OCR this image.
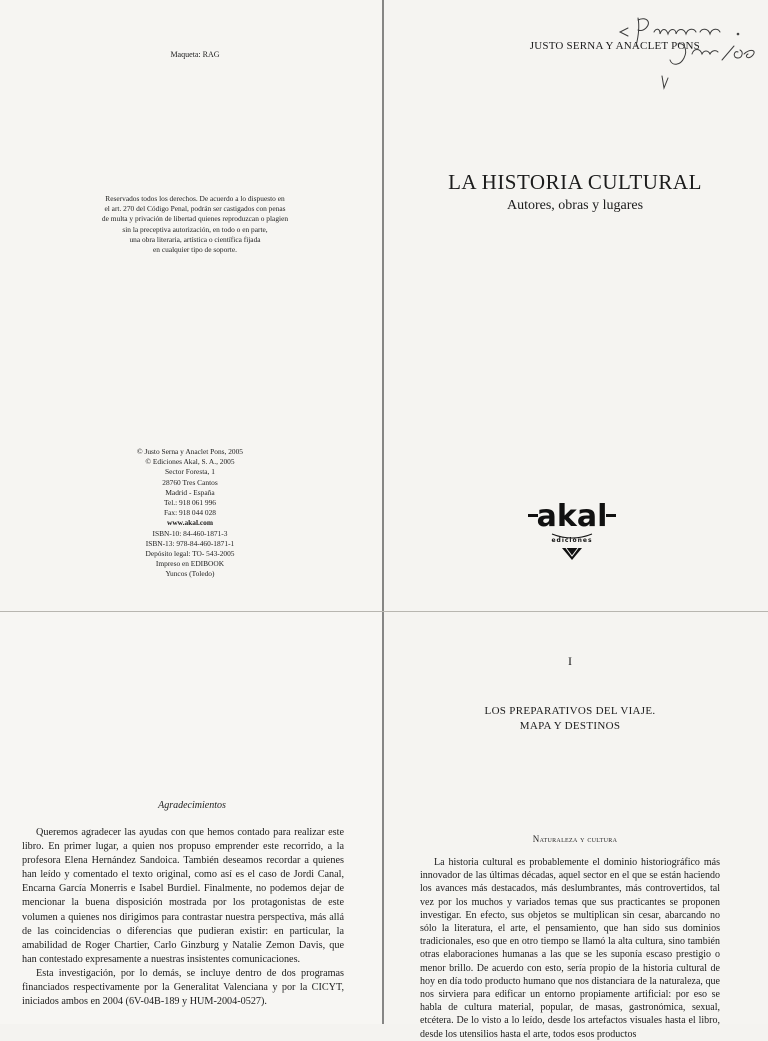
Maqueta: RAG
Reservados todos los derechos. De acuerdo a lo dispuesto en
el art. 270 del Código Penal, podrán ser castigados con penas
de multa y privación de libertad quienes reproduzcan o plagien
sin la preceptiva autorización, en todo o en parte,
una obra literaria, artística o científica fijada
en cualquier tipo de soporte.
© Justo Serna y Anaclet Pons, 2005
© Ediciones Akal, S. A., 2005
Sector Foresta, 1
28760 Tres Cantos
Madrid - España
Tel.: 918 061 996
Fax: 918 044 028
www.akal.com
ISBN-10: 84-460-1871-3
ISBN-13: 978-84-460-1871-1
Depósito legal: TO- 543-2005
Impreso en EDIBOOK
Yuncos (Toledo)
JUSTO SERNA Y ANACLET PONS
LA HISTORIA CULTURAL
Autores, obras y lugares
akal
ediciones
Agradecimientos

Queremos agradecer las ayudas con que hemos contado para realizar este libro. En primer lugar, a quien nos propuso emprender este recorrido, a la profesora Elena Hernández Sandoica. También deseamos recordar a quienes han leído y comentado el texto original, como así es el caso de Jordi Canal, Encarna García Monerris e Isabel Burdiel. Finalmente, no podemos dejar de mencionar la buena disposición mostrada por los protagonistas de este volumen a quienes nos dirigimos para contrastar nuestra perspectiva, más allá de las coincidencias o diferencias que pudieran existir: en particular, la amabilidad de Roger Chartier, Carlo Ginzburg y Natalie Zemon Davis, que han contestado expresamente a nuestras insistentes comunicaciones.

Esta investigación, por lo demás, se incluye dentro de dos programas financiados respectivamente por la Generalitat Valenciana y por la CICYT, iniciados ambos en 2004 (6V-04B-189 y HUM-2004-0527).

I
LOS PREPARATIVOS DEL VIAJE.
MAPA Y DESTINOS
Naturaleza y cultura

La historia cultural es probablemente el dominio historiográfico más innovador de las últimas décadas, aquel sector en el que se están haciendo los avances más destacados, más deslumbrantes, más controvertidos, tal vez por los muchos y variados temas que sus practicantes se proponen investigar. En efecto, sus objetos se multiplican sin cesar, abarcando no sólo la literatura, el arte, el pensamiento, que han sido sus dominios tradicionales, eso que en otro tiempo se llamó la alta cultura, sino también otras elaboraciones humanas a las que se les suponía escaso prestigio o menor brillo. De acuerdo con esto, sería propio de la historia cultural de hoy en día todo producto humano que nos distanciara de la naturaleza, que nos sirviera para edificar un entorno propiamente artificial: por eso se habla de cultura material, popular, de masas, gastronómica, sexual, etcétera. De lo visto a lo leído, desde los artefactos visuales hasta el libro, desde los utensilios hasta el arte, todos esos productos
